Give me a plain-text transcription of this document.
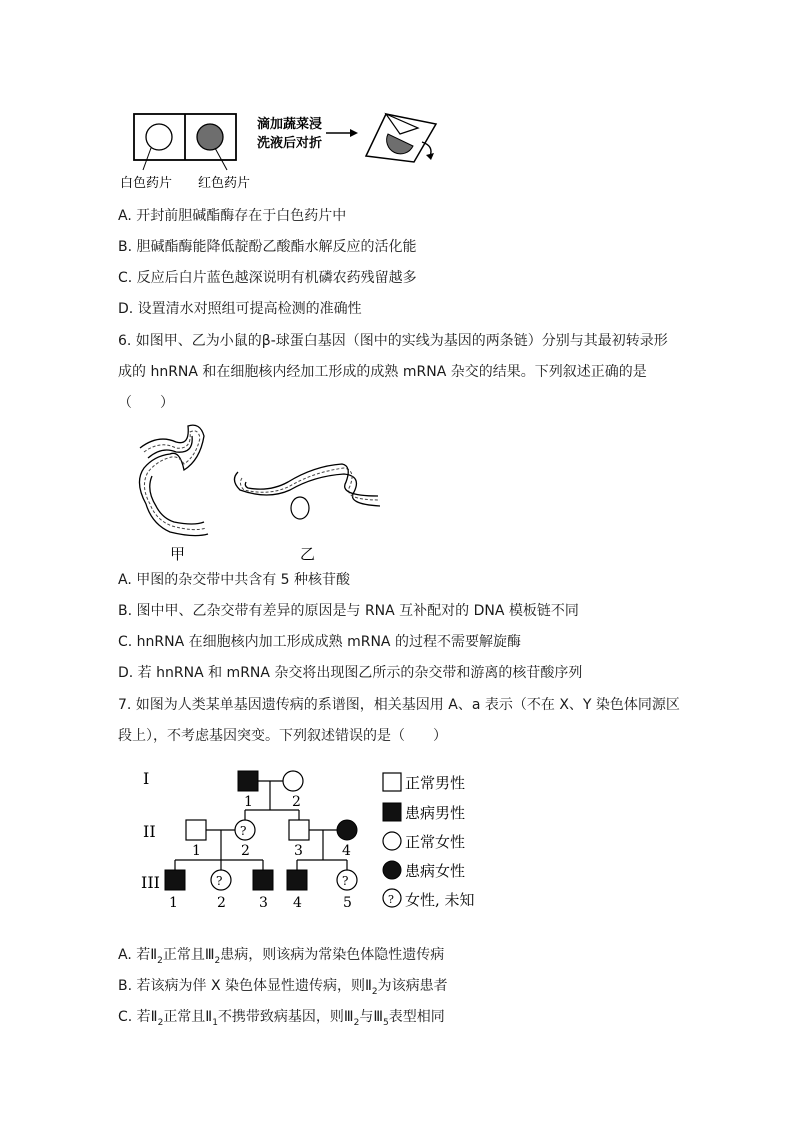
白色药片 红色药片
滴加蔬菜浸
洗液后对折
A. 开封前胆碱酯酶存在于白色药片中
B. 胆碱酯酶能降低靛酚乙酸酯水解反应的活化能
C. 反应后白片蓝色越深说明有机磷农药残留越多
D. 设置清水对照组可提高检测的准确性
6. 如图甲、乙为小鼠的β-球蛋白基因（图中的实线为基因的两条链）分别与其最初转录形
成的 hnRNA 和在细胞核内经加工形成的成熟 mRNA 杂交的结果。下列叙述正确的是
（　　）
甲	乙
A. 甲图的杂交带中共含有 5 种核苷酸
B. 图中甲、乙杂交带有差异的原因是与 RNA 互补配对的 DNA 模板链不同
C. hnRNA 在细胞核内加工形成成熟 mRNA 的过程不需要解旋酶
D. 若 hnRNA 和 mRNA 杂交将出现图乙所示的杂交带和游离的核苷酸序列
7. 如图为人类某单基因遗传病的系谱图，相关基因用 A、a 表示（不在 X、Y 染色体同源区
段上），不考虑基因突变。下列叙述错误的是（　　）
I
II
III
?
?	?
1	2
1	2	3	4
1	2 3 4	5
正常男性
患病男性
正常女性
患病女性
? 女性, 未知
A. 若$Ⅱ_2$正常且$Ⅲ_2$患病，则该病为常染色体隐性遗传病
B. 若该病为伴 X 染色体显性遗传病，则$Ⅱ_2$为该病患者
C. 若$Ⅱ_2$正常且$Ⅱ_1$不携带致病基因，则$Ⅲ_2$与$Ⅲ_5$表型相同
